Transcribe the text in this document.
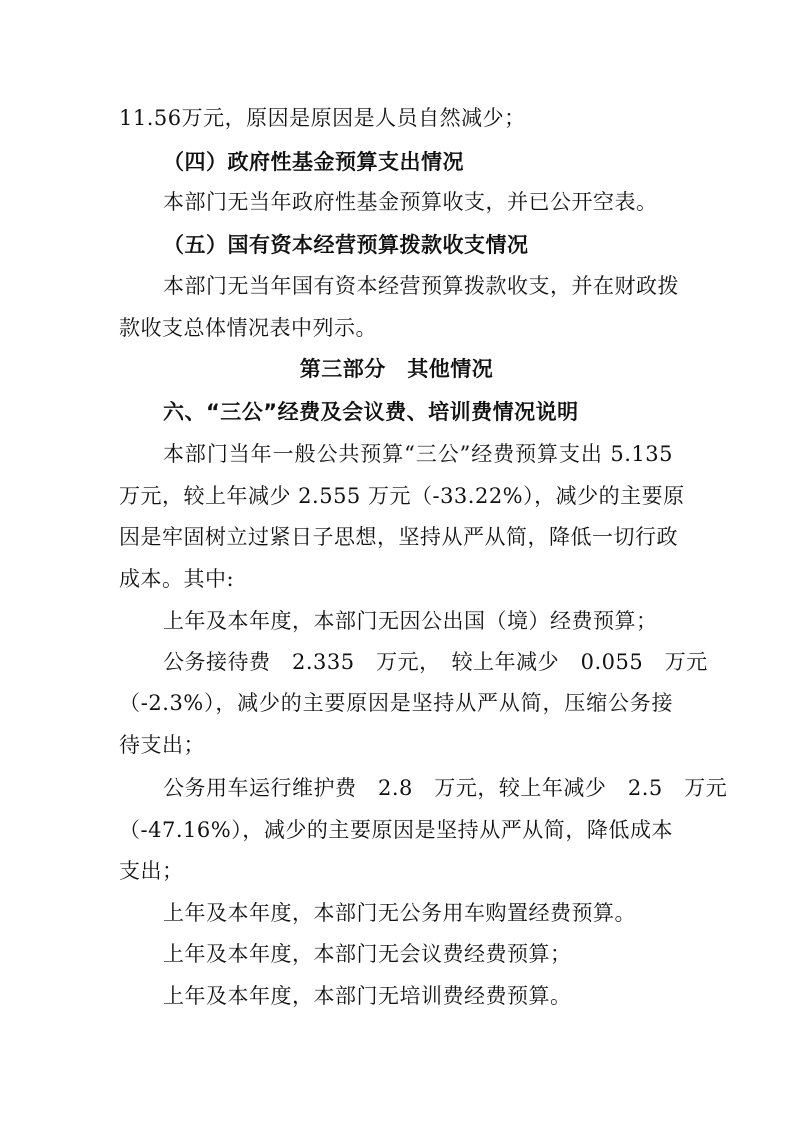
11.56万元，原因是原因是人员自然减少；
（四）政府性基金预算支出情况
本部门无当年政府性基金预算收支，并已公开空表。
（五）国有资本经营预算拨款收支情况
本部门无当年国有资本经营预算拨款收支，并在财政拨
款收支总体情况表中列示。
第三部分　其他情况
六、“三公”经费及会议费、培训费情况说明
本部门当年一般公共预算“三公”经费预算支出 5.135
万元，较上年减少 2.555 万元（-33.22%），减少的主要原
因是牢固树立过紧日子思想，坚持从严从简，降低一切行政
成本。其中:
上年及本年度，本部门无因公出国（境）经费预算；
公务接待费　2.335　万元，　较上年减少　0.055　万元
（-2.3%），减少的主要原因是坚持从严从简，压缩公务接
待支出；
公务用车运行维护费　2.8　万元，较上年减少　2.5　万元
（-47.16%），减少的主要原因是坚持从严从简，降低成本
支出；
上年及本年度，本部门无公务用车购置经费预算。
上年及本年度，本部门无会议费经费预算；
上年及本年度，本部门无培训费经费预算。
